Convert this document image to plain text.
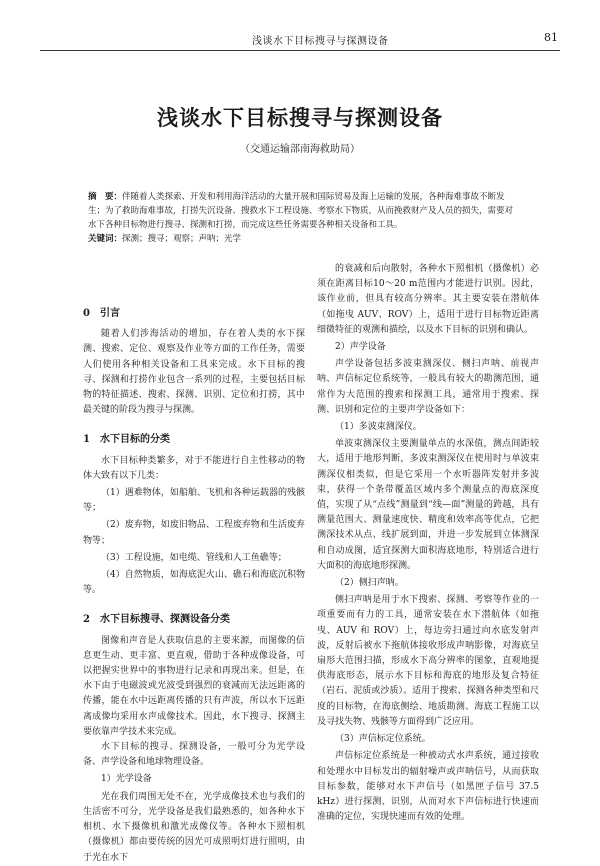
浅谈水下目标搜寻与探测设备	81
浅谈水下目标搜寻与探测设备
（交通运输部南海救助局）
摘　要：伴随着人类探索、开发和利用海洋活动的大量开展和国际贸易及海上运输的发展，各种海难事故不断发生；为了救助海难事故，打捞失沉设备、搜救水下工程设施、考察水下物质，从而挽救财产及人员的损失，需要对水下各种目标物进行搜寻、探测和打捞，而完成这些任务需要各种相关设备和工具。
关键词：探测；搜寻；观察；声呐；光学
0　引言

随着人们涉海活动的增加，存在着人类的水下探测、搜索、定位、观察及作业等方面的工作任务，需要人们使用各种相关设备和工具来完成。水下目标的搜寻、探测和打捞作业包含一系列的过程，主要包括目标物的特征描述、搜索、探测、识别、定位和打捞，其中最关键的阶段为搜寻与探测。

1　水下目标的分类

水下目标种类繁多，对于不能进行自主性移动的物体大致有以下几类：

（1）遇难物体，如船舶、飞机和各种运载器的残骸等；
（2）废弃物，如废旧物品、工程废弃物和生活废弃物等；
（3）工程设施，如电缆、管线和人工鱼礁等；
（4）自然物质，如海底泥火山、礁石和海底沉积物等。
2　水下目标搜寻、探测设备分类

图像和声音是人获取信息的主要来源，而图像的信息更生动、更丰富、更直观，借助于各种成像设备，可以把握实世界中的事物进行记录和再现出来。但是，在水下由于电磁波或光波受到强烈的衰减而无法远距离的传播，能在水中远距离传播的只有声波，所以水下远距离成像均采用水声成像技术。因此，水下搜寻、探测主要依靠声学技术来完成。

水下目标的搜寻、探测设备，一般可分为光学设备、声学设备和地球物理设备。

1）光学设备

光在我们周围无处不在，光学成像技术也与我们的生活密不可分，光学设备是我们最熟悉的，如各种水下相机、水下摄像机和激光成像仪等。各种水下照相机（摄像机）都由要传统的因光可成照明灯进行照明，由于光在水下

的衰减和后向散射，各种水下照相机（摄像机）必须在距离目标10～20 m范围内才能进行识别。因此，该作业前，但具有较高分辨率。其主要安装在潜航体（如拖曳 AUV、ROV）上，适用于进行目标物近距离细微特征的观测和描绘，以及水下目标的识别和确认。

2）声学设备

声学设备包括多波束测深仪、侧扫声呐、前视声呐、声信标定位系统等，一般具有较大的勘测范围，通常作为大范围的搜索和探测工具，通常用于搜索、探测、识别和定位的主要声学设备如下：

（1）多波束测深仪。

单波束测深仪主要测量单点的水深值，测点间距较大，适用于地形判断，多波束测深仪在使用时与单波束测深仪相类似，但是它采用一个水听器阵发射并多波束，获得一个条带覆盖区域内多个测量点的海底深度值，实现了从“点线”测量到“线—面”测量的跨越，具有测量范围大、测量速度快、精度和效率高等优点，它把测深技术从点、线扩展到面，并进一步发展到立体测深和自动成图，适宜探测大面积海底地形，特别适合进行大面积的海底地形探测。

（2）侧扫声呐。

侧扫声呐是用于水下搜索、探测、考察等作业的一项重要而有力的工具，通常安装在水下潜航体（如拖曳、AUV 和 ROV）上，每边旁扫通过向水底发射声波，反射后被水下拖航体接收形成声呐影像，对海底呈扇形大范围扫描，形成水下高分辨率的图象，直观地提供海底形态，展示水下目标和海底的地形及复合特征（岩石、泥质或沙质）。适用于搜索、探测各种类型和尺度的目标物，在海底侧绘、地质勘测、海底工程施工以及寻找失物、残骸等方面得到广泛应用。

（3）声信标定位系统。

声信标定位系统是一种被动式水声系统，通过接收和处理水中目标发出的辐射噪声或声呐信号，从而获取目标参数，能够对水下声信号（如黑匣子信号 37.5 kHz）进行探测、识别，从而对水下声信标进行快速而准确的定位，实现快速而有效的处理。
